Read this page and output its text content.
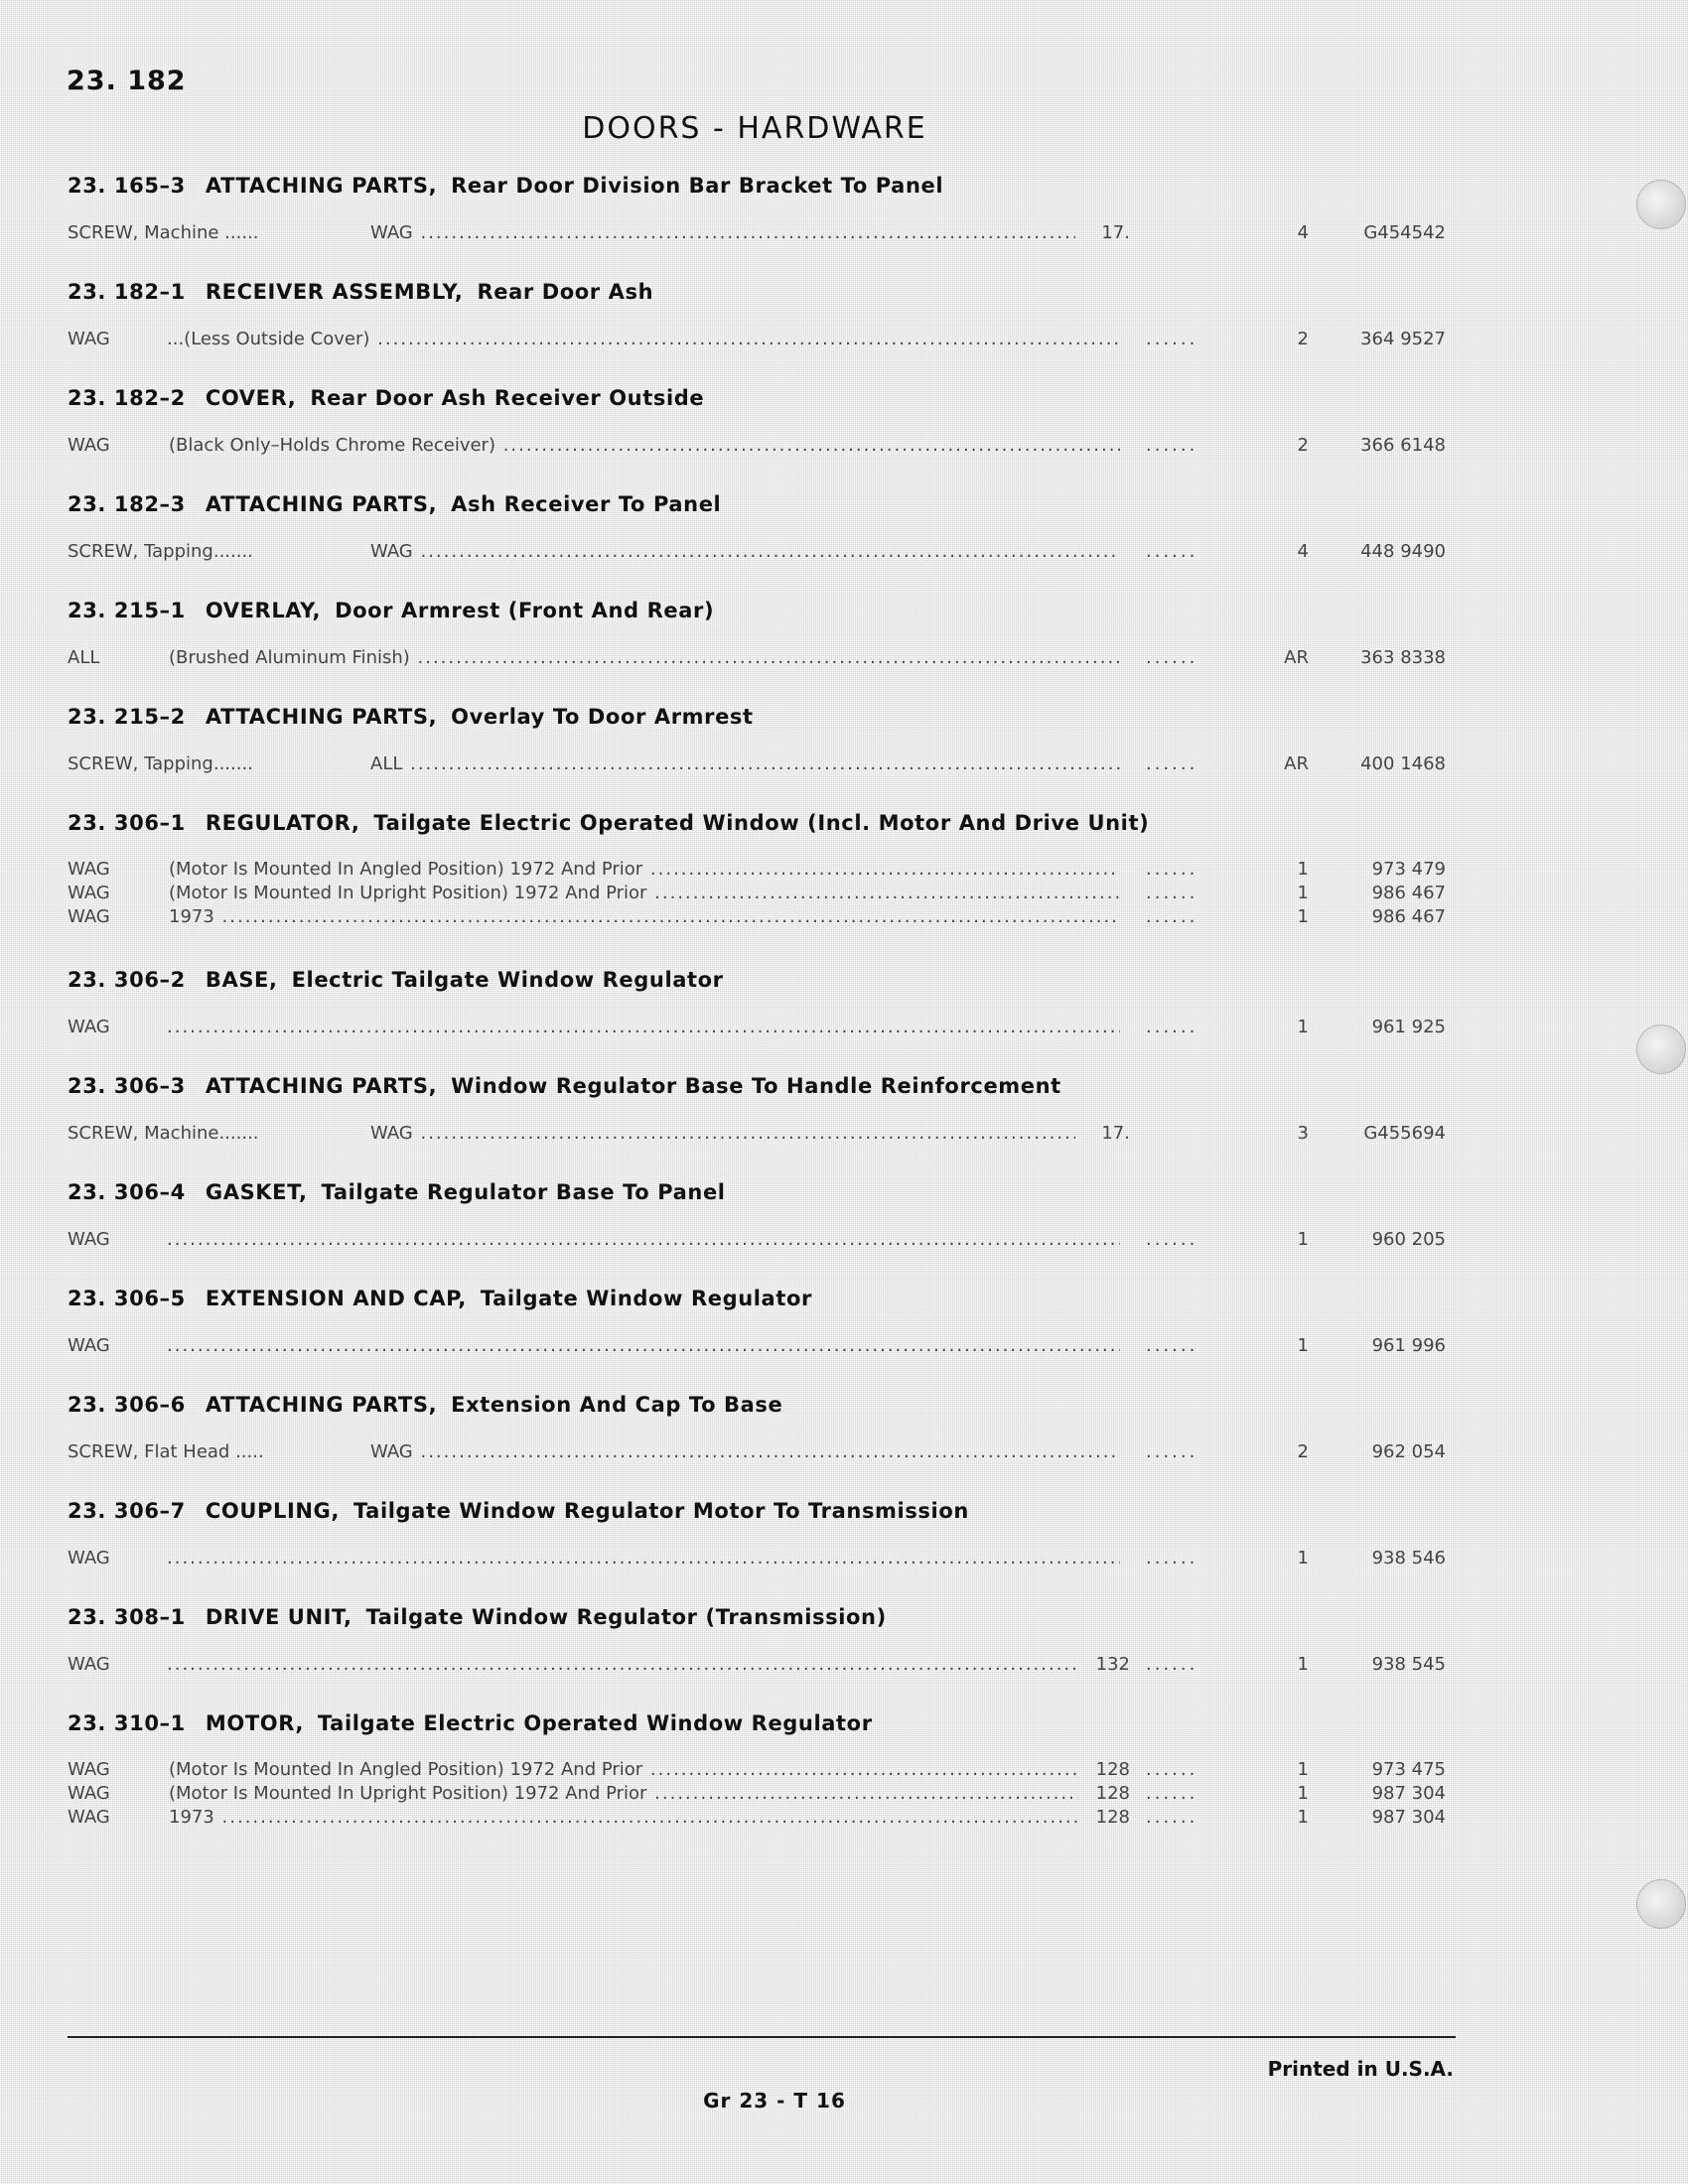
23. 182
DOORS - HARDWARE
23. 165–3 ATTACHING PARTS, Rear Door Division Bar Bracket To Panel
SCREW, Machine ......	WAG .....	17.	4	G454542
23. 182–1 RECEIVER ASSEMBLY, Rear Door Ash
WAG	...(Less Outside Cover) .....	......	2	364 9527
23. 182–2 COVER, Rear Door Ash Receiver Outside
WAG	(Black Only–Holds Chrome Receiver) .....	......	2	366 6148
23. 182–3 ATTACHING PARTS, Ash Receiver To Panel
SCREW, Tapping.......	WAG .....	......	4	448 9490
23. 215–1 OVERLAY, Door Armrest (Front And Rear)
ALL	(Brushed Aluminum Finish) .....	......	AR	363 8338
23. 215–2 ATTACHING PARTS, Overlay To Door Armrest
SCREW, Tapping.......	ALL .....	......	AR	400 1468
23. 306–1 REGULATOR, Tailgate Electric Operated Window (Incl. Motor And Drive Unit)
WAG	(Motor Is Mounted In Angled Position) 1972 And Prior .....	......	1	973 479
WAG	(Motor Is Mounted In Upright Position) 1972 And Prior .....	......	1	986 467
WAG	1973 .....	......	1	986 467
23. 306–2 BASE, Electric Tailgate Window Regulator
WAG .....	......	1	961 925
23. 306–3 ATTACHING PARTS, Window Regulator Base To Handle Reinforcement
SCREW, Machine.......	WAG .....	17.	3	G455694
23. 306–4 GASKET, Tailgate Regulator Base To Panel
WAG .....	......	1	960 205
23. 306–5 EXTENSION AND CAP, Tailgate Window Regulator
WAG .....	......	1	961 996
23. 306–6 ATTACHING PARTS, Extension And Cap To Base
SCREW, Flat Head .....	WAG .....	......	2	962 054
23. 306–7 COUPLING, Tailgate Window Regulator Motor To Transmission
WAG .....	......	1	938 546
23. 308–1 DRIVE UNIT, Tailgate Window Regulator (Transmission)
WAG .....	132 ......	1	938 545
23. 310–1 MOTOR, Tailgate Electric Operated Window Regulator
WAG	(Motor Is Mounted In Angled Position) 1972 And Prior .....	128 ......	1	973 475
WAG	(Motor Is Mounted In Upright Position) 1972 And Prior .....	128 ......	1	987 304
WAG	1973 .....	128 ......	1	987 304
Printed in U.S.A.
Gr 23 - T 16
